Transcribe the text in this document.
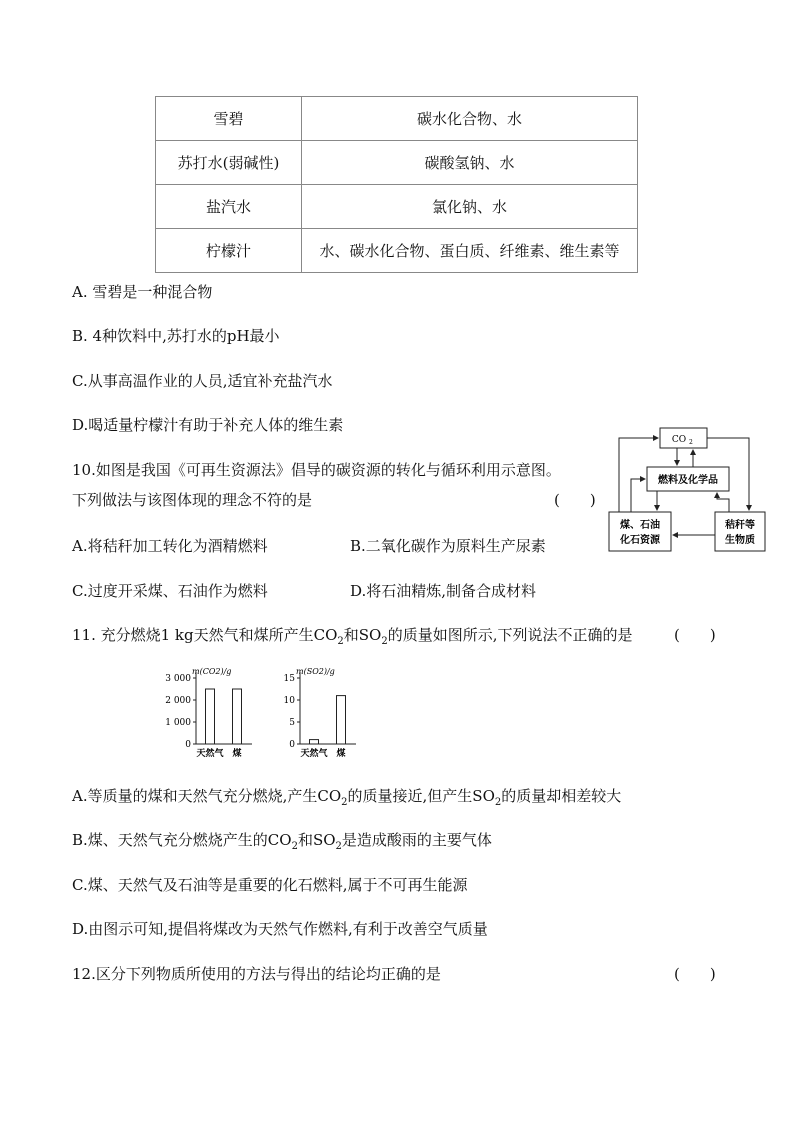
雪碧	碳水化合物、水
苏打水(弱碱性)	碳酸氢钠、水
盐汽水	氯化钠、水
柠檬汁	水、碳水化合物、蛋白质、纤维素、维生素等
A. 雪碧是一种混合物
B. 4种饮料中,苏打水的pH最小
C.从事高温作业的人员,适宜补充盐汽水
D.喝适量柠檬汁有助于补充人体的维生素
10.如图是我国《可再生资源法》倡导的碳资源的转化与循环利用示意图。
下列做法与该图体现的理念不符的是	(　　)
A.将秸秆加工转化为酒精燃料	B.二氧化碳作为原料生产尿素
C.过度开采煤、石油作为燃料	D.将石油精炼,制备合成材料
CO 2
燃料及化学品
煤、石油
化石资源
秸秆等
生物质
11. 充分燃烧1 kg天然气和煤所产生$CO_2$和$SO_2$的质量如图所示,下列说法不正确的是	(　　)
m(CO2)/g
3 000
2 000
1 000
0
天然气 煤
m(SO2)/g
15
10
5
0
天然气 煤
A.等质量的煤和天然气充分燃烧,产生$CO_2$的质量接近,但产生$SO_2$的质量却相差较大
B.煤、天然气充分燃烧产生的$CO_2$和$SO_2$是造成酸雨的主要气体
C.煤、天然气及石油等是重要的化石燃料,属于不可再生能源
D.由图示可知,提倡将煤改为天然气作燃料,有利于改善空气质量
12.区分下列物质所使用的方法与得出的结论均正确的是	(　　)
